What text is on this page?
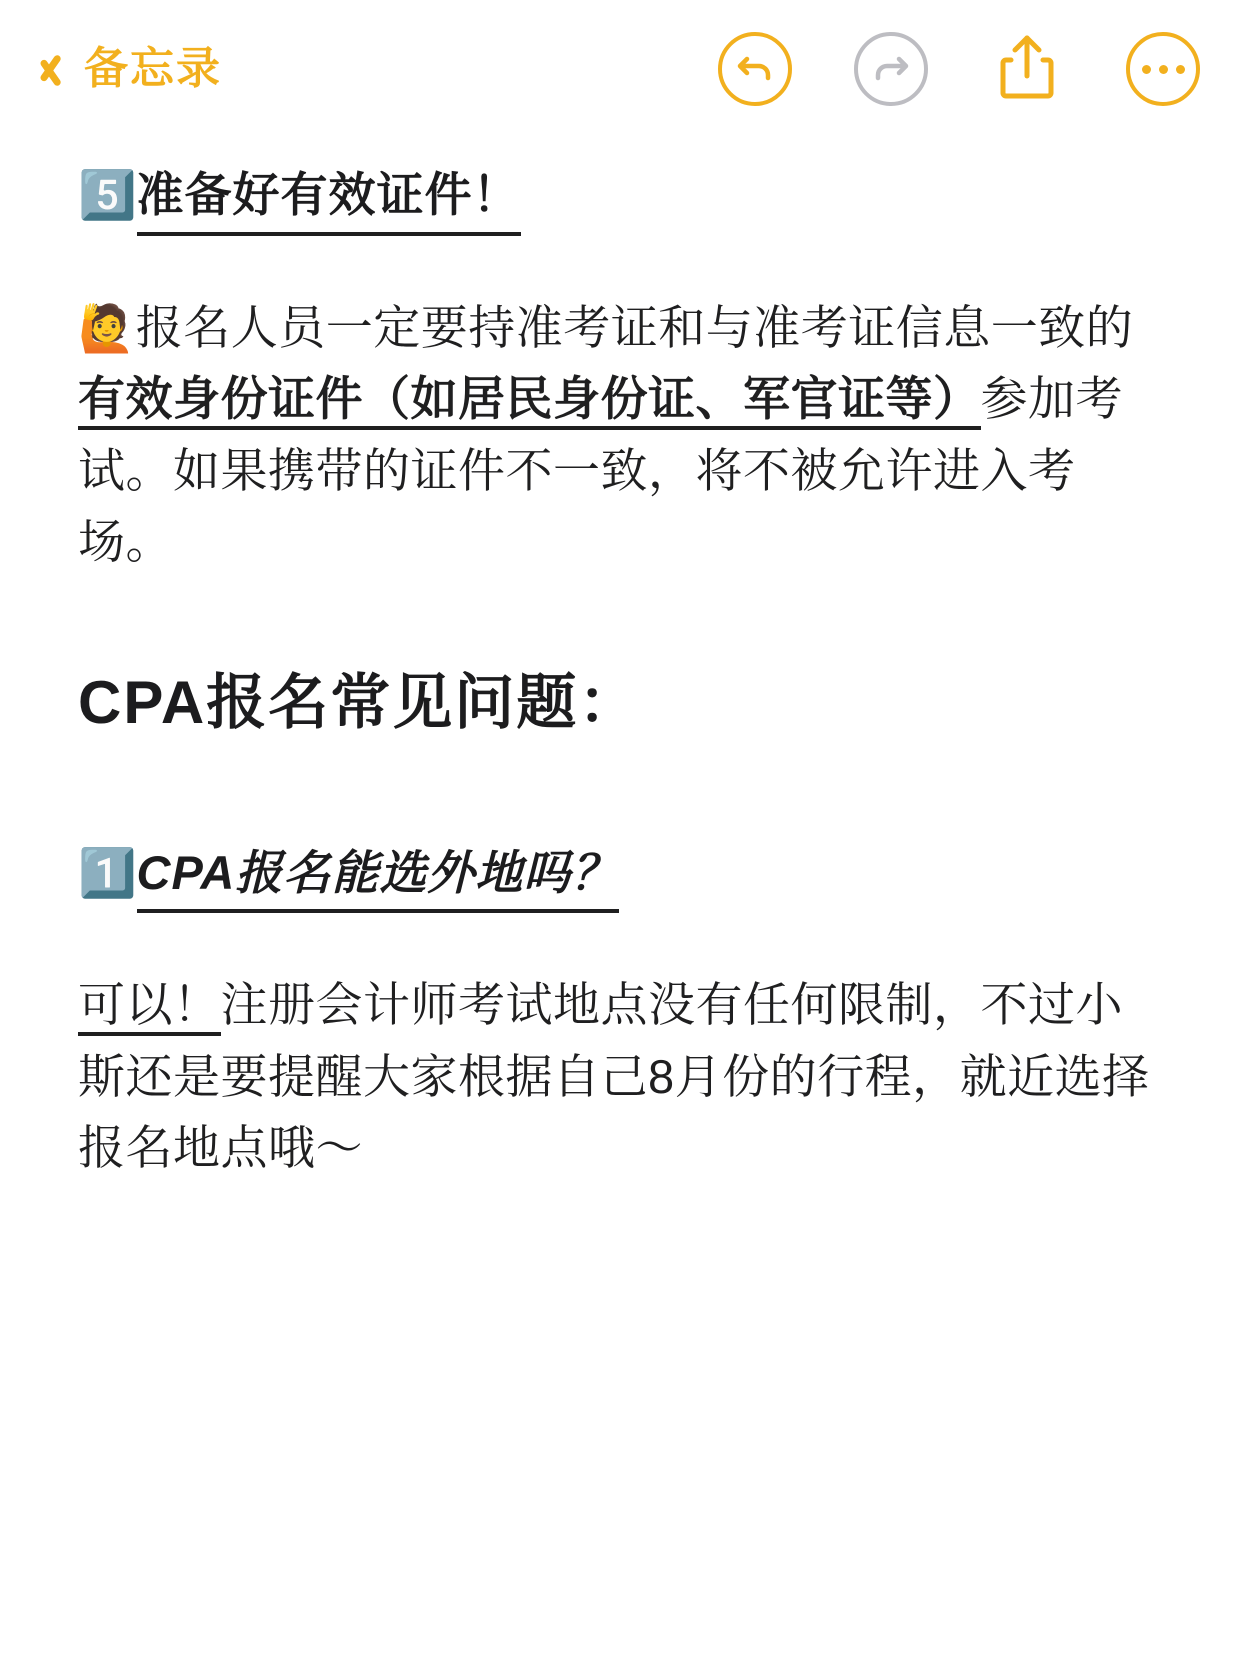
备忘录
5️⃣ 准备好有效证件！

🙋报名人员一定要持准考证和与准考证信息一致的有效身份证件（如居民身份证、军官证等）参加考试。如果携带的证件不一致，将不被允许进入考场。

CPA报名常见问题：
1️⃣ CPA报名能选外地吗？

可以！注册会计师考试地点没有任何限制，不过小斯还是要提醒大家根据自己8月份的行程，就近选择报名地点哦～
